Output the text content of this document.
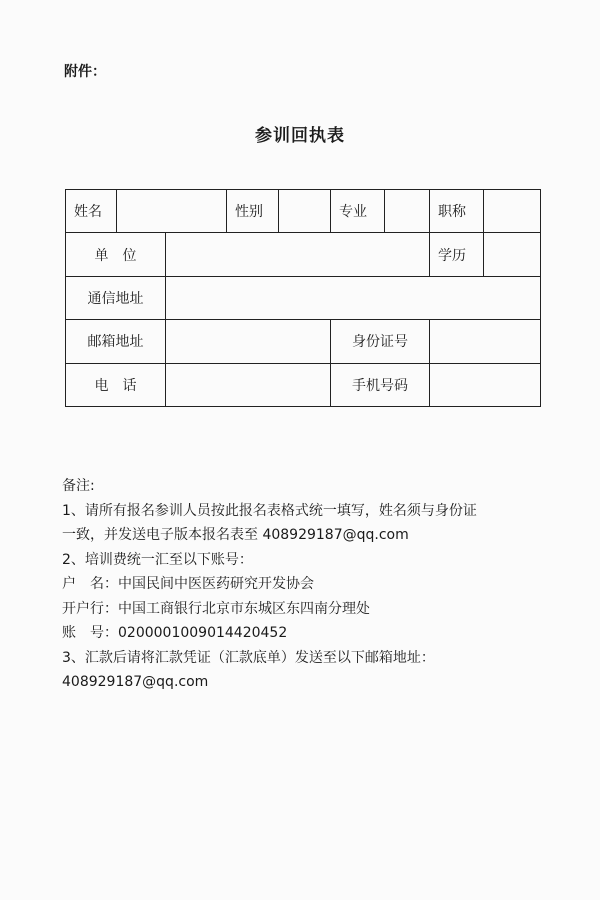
附件：
参训回执表
姓名			性别		专业		职称	
单　位							学历	
通信地址								
邮箱地址					身份证号			
电　话					手机号码			
备注:
1、请所有报名参训人员按此报名表格式统一填写，姓名须与身份证
一致，并发送电子版本报名表至 408929187@qq.com
2、培训费统一汇至以下账号：
户　名：中国民间中医医药研究开发协会
开户行：中国工商银行北京市东城区东四南分理处
账　号：0200001009014420452
3、汇款后请将汇款凭证（汇款底单）发送至以下邮箱地址：
408929187@qq.com
